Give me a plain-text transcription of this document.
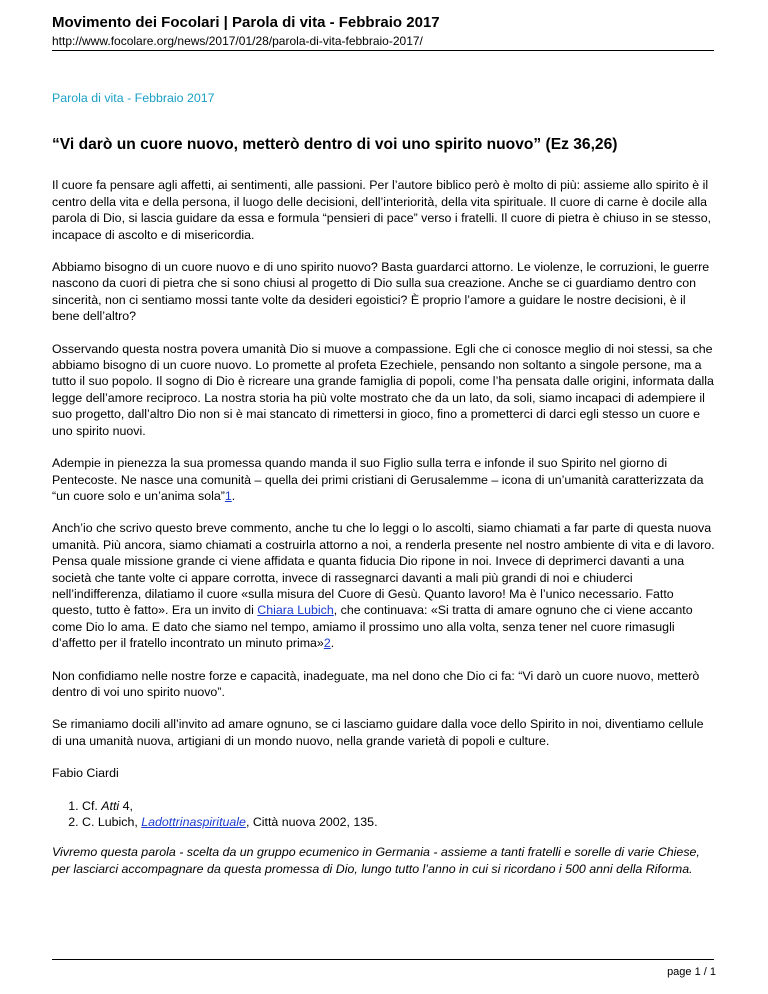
Movimento dei Focolari | Parola di vita - Febbraio 2017
http://www.focolare.org/news/2017/01/28/parola-di-vita-febbraio-2017/
Parola di vita - Febbraio 2017
“Vi darò un cuore nuovo, metterò dentro di voi uno spirito nuovo” (Ez 36,26)

Il cuore fa pensare agli affetti, ai sentimenti, alle passioni. Per l’autore biblico però è molto di più: assieme allo spirito è il centro della vita e della persona, il luogo delle decisioni, dell’interiorità, della vita spirituale. Il cuore di carne è docile alla parola di Dio, si lascia guidare da essa e formula “pensieri di pace” verso i fratelli. Il cuore di pietra è chiuso in se stesso, incapace di ascolto e di misericordia.

Abbiamo bisogno di un cuore nuovo e di uno spirito nuovo? Basta guardarci attorno. Le violenze, le corruzioni, le guerre nascono da cuori di pietra che si sono chiusi al progetto di Dio sulla sua creazione. Anche se ci guardiamo dentro con sincerità, non ci sentiamo mossi tante volte da desideri egoistici? È proprio l’amore a guidare le nostre decisioni, è il bene dell’altro?

Osservando questa nostra povera umanità Dio si muove a compassione. Egli che ci conosce meglio di noi stessi, sa che abbiamo bisogno di un cuore nuovo. Lo promette al profeta Ezechiele, pensando non soltanto a singole persone, ma a tutto il suo popolo. Il sogno di Dio è ricreare una grande famiglia di popoli, come l’ha pensata dalle origini, informata dalla legge dell’amore reciproco. La nostra storia ha più volte mostrato che da un lato, da soli, siamo incapaci di adempiere il suo progetto, dall’altro Dio non si è mai stancato di rimettersi in gioco, fino a prometterci di darci egli stesso un cuore e uno spirito nuovi.

Adempie in pienezza la sua promessa quando manda il suo Figlio sulla terra e infonde il suo Spirito nel giorno di Pentecoste. Ne nasce una comunità – quella dei primi cristiani di Gerusalemme – icona di un’umanità caratterizzata da “un cuore solo e un’anima sola”1.

Anch’io che scrivo questo breve commento, anche tu che lo leggi o lo ascolti, siamo chiamati a far parte di questa nuova umanità. Più ancora, siamo chiamati a costruirla attorno a noi, a renderla presente nel nostro ambiente di vita e di lavoro. Pensa quale missione grande ci viene affidata e quanta fiducia Dio ripone in noi. Invece di deprimerci davanti a una società che tante volte ci appare corrotta, invece di rassegnarci davanti a mali più grandi di noi e chiuderci nell’indifferenza, dilatiamo il cuore «sulla misura del Cuore di Gesù. Quanto lavoro! Ma è l’unico necessario. Fatto questo, tutto è fatto». Era un invito di Chiara Lubich, che continuava: «Si tratta di amare ognuno che ci viene accanto come Dio lo ama. E dato che siamo nel tempo, amiamo il prossimo uno alla volta, senza tener nel cuore rimasugli d’affetto per il fratello incontrato un minuto prima»2.

Non confidiamo nelle nostre forze e capacità, inadeguate, ma nel dono che Dio ci fa: “Vi darò un cuore nuovo, metterò dentro di voi uno spirito nuovo”.

Se rimaniamo docili all’invito ad amare ognuno, se ci lasciamo guidare dalla voce dello Spirito in noi, diventiamo cellule di una umanità nuova, artigiani di un mondo nuovo, nella grande varietà di popoli e culture.

Fabio Ciardi

1. Cf. Atti 4,
2. C. Lubich, Ladottrinaspirituale, Città nuova 2002, 135.

Vivremo questa parola - scelta da un gruppo ecumenico in Germania - assieme a tanti fratelli e sorelle di varie Chiese, per lasciarci accompagnare da questa promessa di Dio, lungo tutto l’anno in cui si ricordano i 500 anni della Riforma.

page 1 / 1
